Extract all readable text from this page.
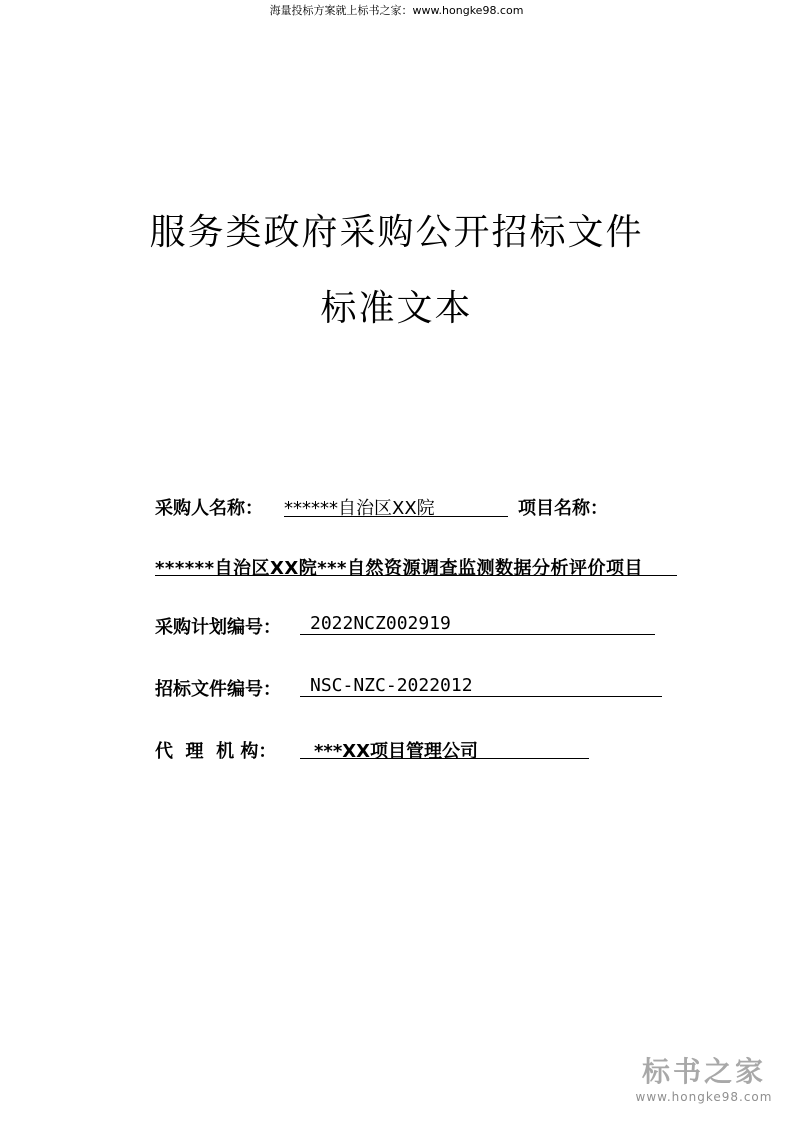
海量投标方案就上标书之家：www.hongke98.com
服务类政府采购公开招标文件
标准文本
采购人名称： ******自治区XX院	项目名称：
******自治区XX院***自然资源调查监测数据分析评价项目
采购计划编号： 2022NCZ002919
招标文件编号： NSC-NZC-2022012
代  理  机 构： ***XX项目管理公司
标书之家
www.hongke98.com
